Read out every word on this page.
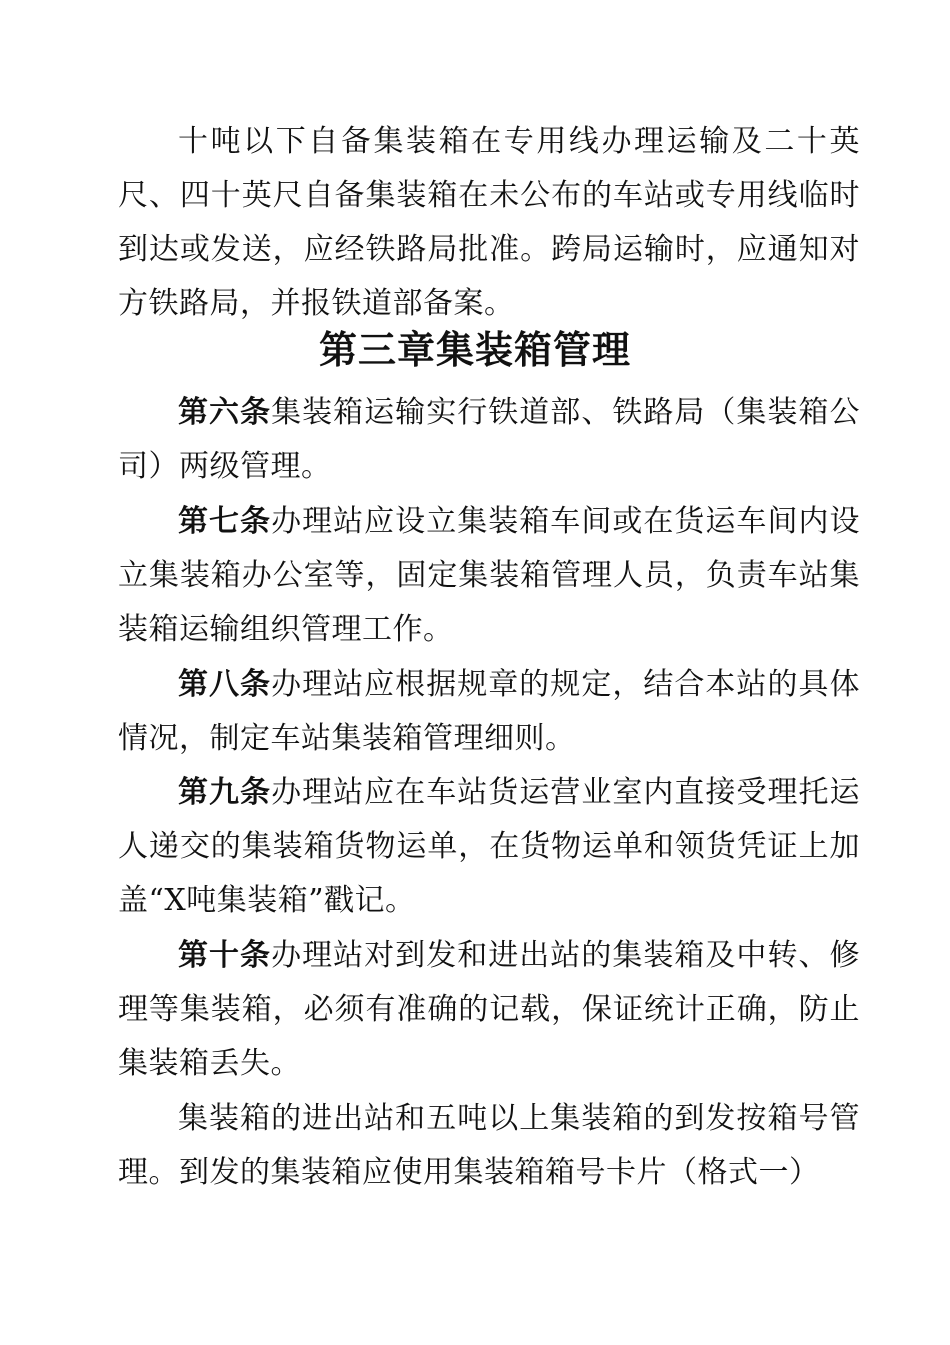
十吨以下自备集装箱在专用线办理运输及二十英尺、四十英尺自备集装箱在未公布的车站或专用线临时到达或发送，应经铁路局批准。跨局运输时，应通知对方铁路局，并报铁道部备案。

第三章集装箱管理

第六条集装箱运输实行铁道部、铁路局（集装箱公司）两级管理。

第七条办理站应设立集装箱车间或在货运车间内设立集装箱办公室等，固定集装箱管理人员，负责车站集装箱运输组织管理工作。

第八条办理站应根据规章的规定，结合本站的具体情况，制定车站集装箱管理细则。

第九条办理站应在车站货运营业室内直接受理托运人递交的集装箱货物运单，在货物运单和领货凭证上加盖“X吨集装箱”戳记。

第十条办理站对到发和进出站的集装箱及中转、修理等集装箱，必须有准确的记载，保证统计正确，防止集装箱丢失。

集装箱的进出站和五吨以上集装箱的到发按箱号管理。到发的集装箱应使用集装箱箱号卡片（格式一）
